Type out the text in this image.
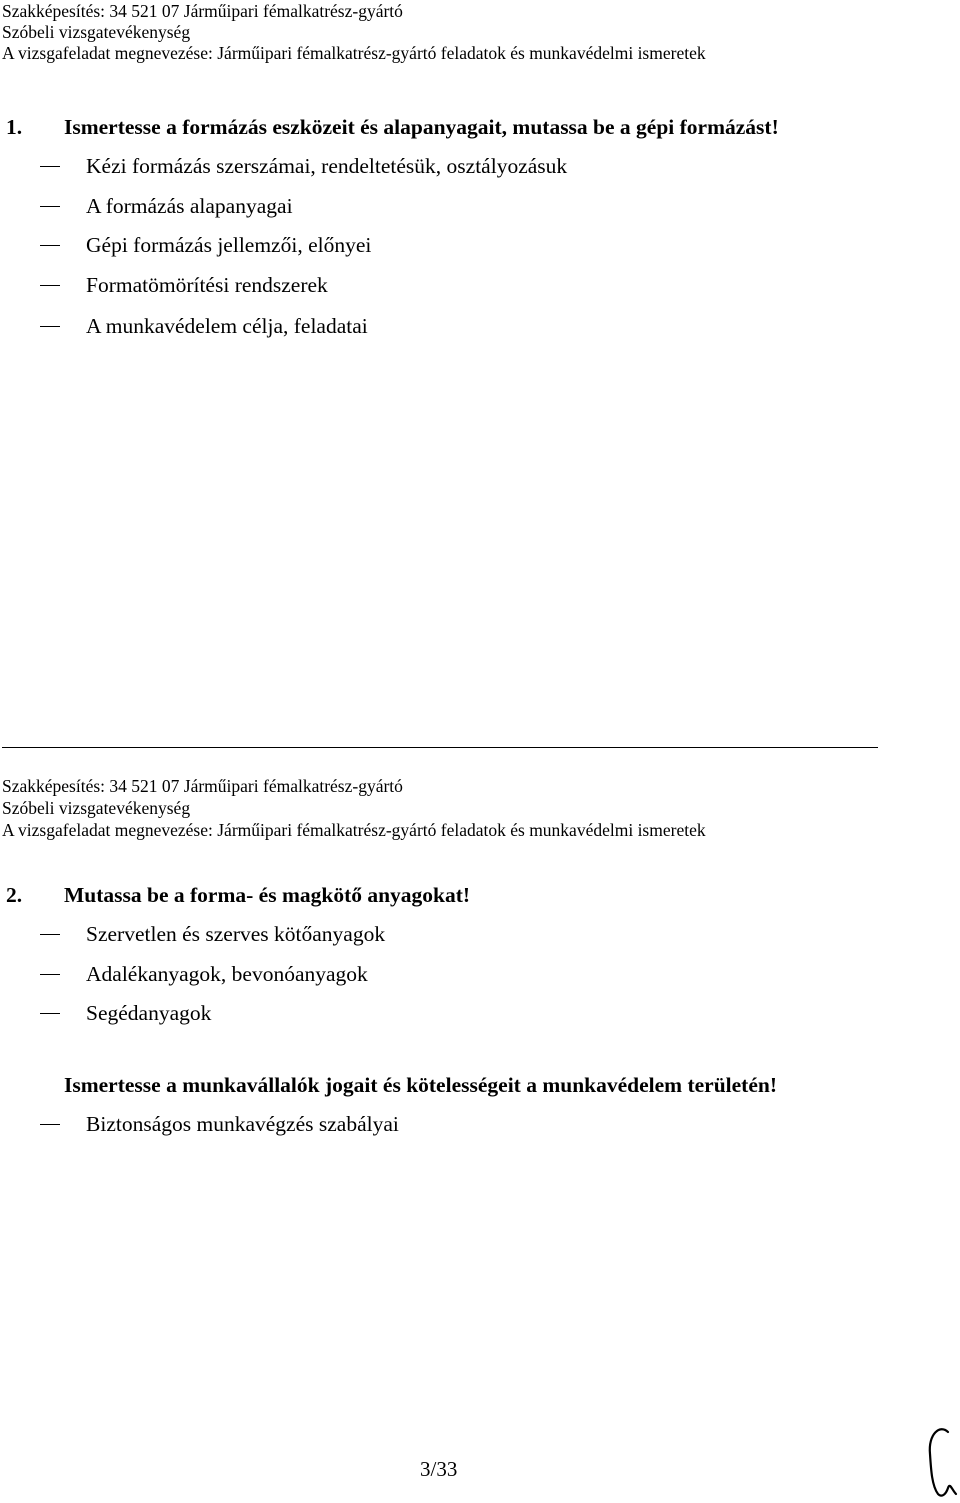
Szakképesítés: 34 521 07 Járműipari fémalkatrész-gyártó
Szóbeli vizsgatevékenység
A vizsgafeladat megnevezése: Járműipari fémalkatrész-gyártó feladatok és munkavédelmi ismeretek
1. Ismertesse a formázás eszközeit és alapanyagait, mutassa be a gépi formázást!
Kézi formázás szerszámai, rendeltetésük, osztályozásuk
A formázás alapanyagai
Gépi formázás jellemzői, előnyei
Formatömörítési rendszerek
A munkavédelem célja, feladatai
Szakképesítés: 34 521 07 Járműipari fémalkatrész-gyártó
Szóbeli vizsgatevékenység
A vizsgafeladat megnevezése: Járműipari fémalkatrész-gyártó feladatok és munkavédelmi ismeretek
2. Mutassa be a forma- és magkötő anyagokat!
Szervetlen és szerves kötőanyagok
Adalékanyagok, bevonóanyagok
Segédanyagok
Ismertesse a munkavállalók jogait és kötelességeit a munkavédelem területén!
Biztonságos munkavégzés szabályai
3/33
